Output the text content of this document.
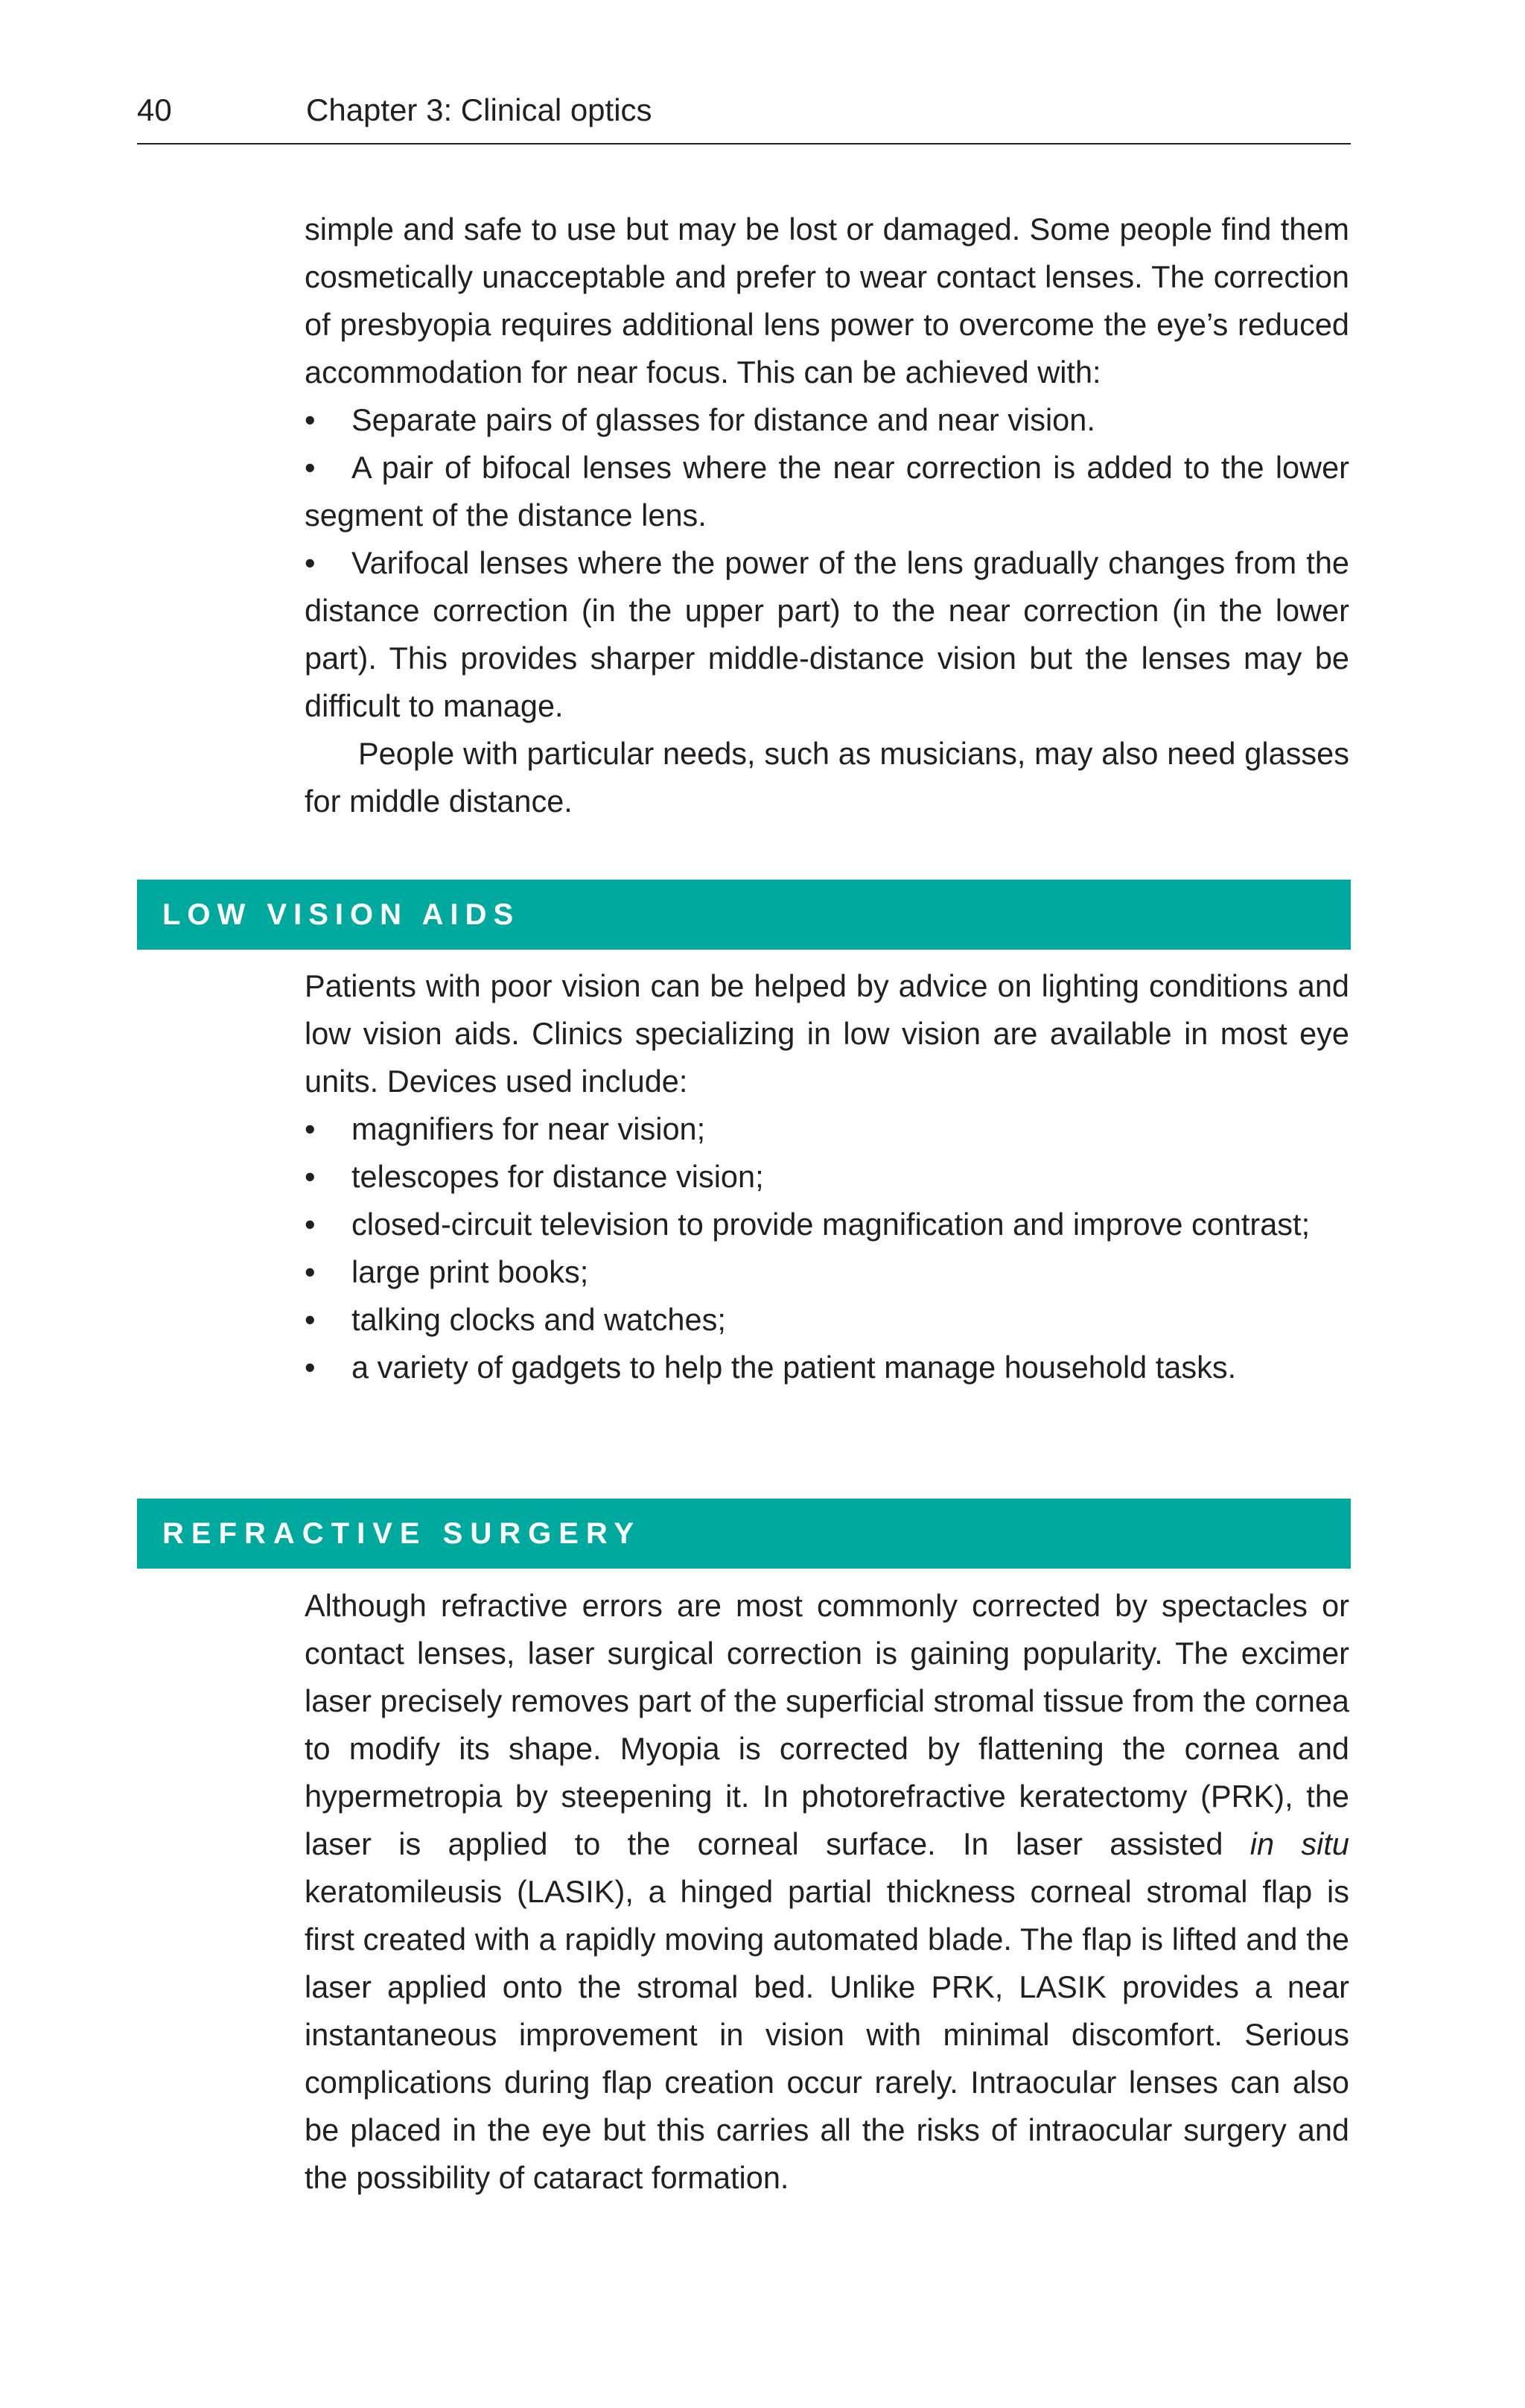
40	Chapter 3: Clinical optics

simple and safe to use but may be lost or damaged. Some people find them cosmetically unacceptable and prefer to wear contact lenses. The correction of presbyopia requires additional lens power to overcome the eye’s reduced accommodation for near focus. This can be achieved with:

•	Separate pairs of glasses for distance and near vision.

• A pair of bifocal lenses where the near correction is added to the lower segment of the distance lens.

• Varifocal lenses where the power of the lens gradually changes from the distance correction (in the upper part) to the near correction (in the lower part). This provides sharper middle-distance vision but the lenses may be difficult to manage.

People with particular needs, such as musicians, may also need glasses for middle distance.

LOW VISION AIDS

Patients with poor vision can be helped by advice on lighting conditions and low vision aids. Clinics specializing in low vision are available in most eye units. Devices used include:

•	magnifiers for near vision;

•	telescopes for distance vision;

• closed-circuit television to provide magnification and improve contrast;

•	large print books;

•	talking clocks and watches;

•	a variety of gadgets to help the patient manage household tasks.

REFRACTIVE SURGERY

Although refractive errors are most commonly corrected by spectacles or contact lenses, laser surgical correction is gaining popularity. The excimer laser precisely removes part of the superficial stromal tissue from the cornea to modify its shape. Myopia is corrected by flattening the cornea and hypermetropia by steepening it. In photorefractive keratectomy (PRK), the laser is applied to the corneal surface. In laser assisted in situ keratomileusis (LASIK), a hinged partial thickness corneal stromal flap is first created with a rapidly moving automated blade. The flap is lifted and the laser applied onto the stromal bed. Unlike PRK, LASIK provides a near instantaneous improvement in vision with minimal discomfort. Serious complications during flap creation occur rarely. Intraocular lenses can also be placed in the eye but this carries all the risks of intraocular surgery and the possibility of cataract formation.
